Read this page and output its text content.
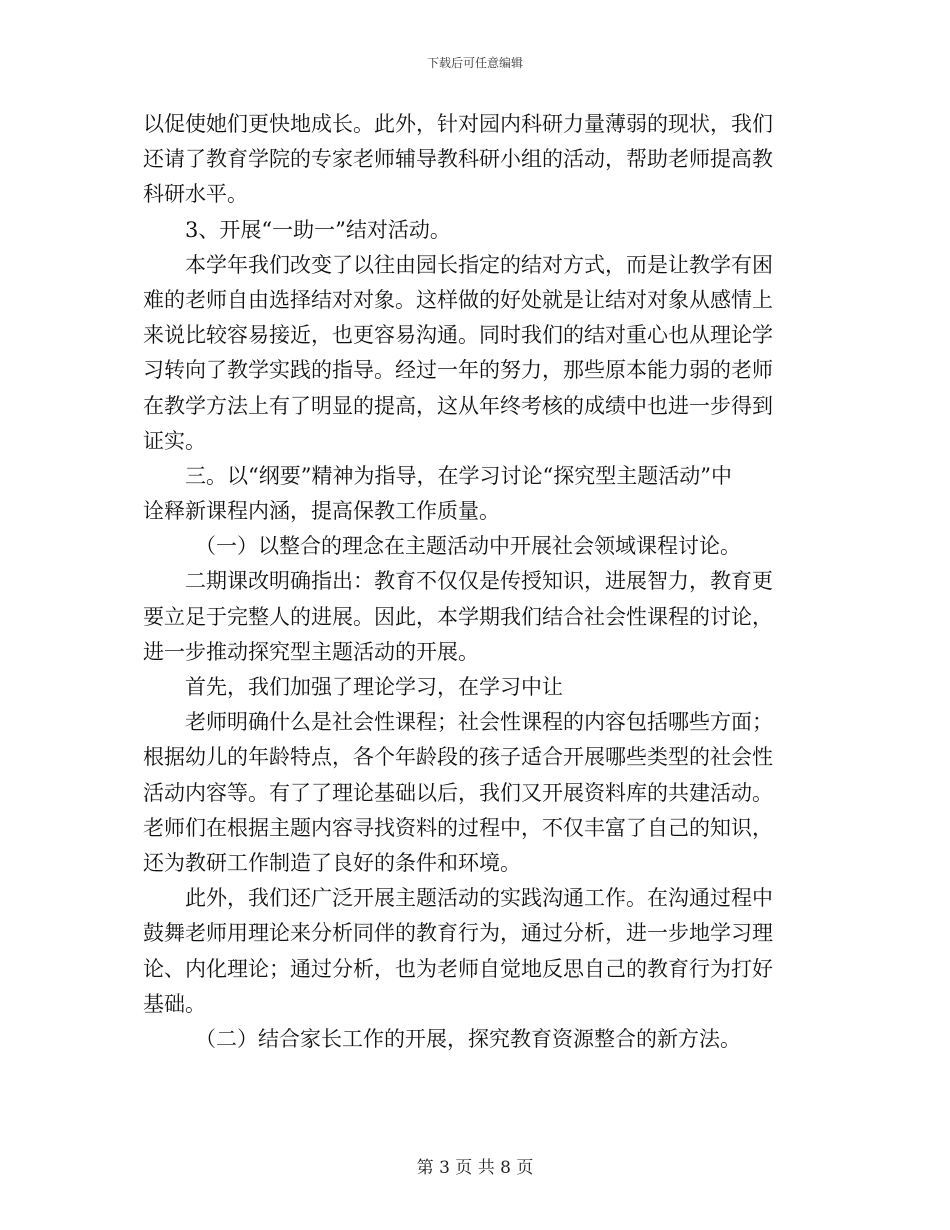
下载后可任意编辑
以促使她们更快地成长。此外，针对园内科研力量薄弱的现状，我们
还请了教育学院的专家老师辅导教科研小组的活动，帮助老师提高教
科研水平。
3、开展“一助一”结对活动。
本学年我们改变了以往由园长指定的结对方式，而是让教学有困
难的老师自由选择结对对象。这样做的好处就是让结对对象从感情上
来说比较容易接近，也更容易沟通。同时我们的结对重心也从理论学
习转向了教学实践的指导。经过一年的努力，那些原本能力弱的老师
在教学方法上有了明显的提高，这从年终考核的成绩中也进一步得到
证实。
三。以“纲要”精神为指导，在学习讨论“探究型主题活动”中
诠释新课程内涵，提高保教工作质量。
（一）以整合的理念在主题活动中开展社会领域课程讨论。
二期课改明确指出：教育不仅仅是传授知识，进展智力，教育更
要立足于完整人的进展。因此，本学期我们结合社会性课程的讨论，
进一步推动探究型主题活动的开展。
首先，我们加强了理论学习，在学习中让
老师明确什么是社会性课程；社会性课程的内容包括哪些方面；
根据幼儿的年龄特点，各个年龄段的孩子适合开展哪些类型的社会性
活动内容等。有了了理论基础以后，我们又开展资料库的共建活动。
老师们在根据主题内容寻找资料的过程中，不仅丰富了自己的知识，
还为教研工作制造了良好的条件和环境。
此外，我们还广泛开展主题活动的实践沟通工作。在沟通过程中
鼓舞老师用理论来分析同伴的教育行为，通过分析，进一步地学习理
论、内化理论；通过分析，也为老师自觉地反思自己的教育行为打好
基础。
（二）结合家长工作的开展，探究教育资源整合的新方法。
第 3 页 共 8 页
